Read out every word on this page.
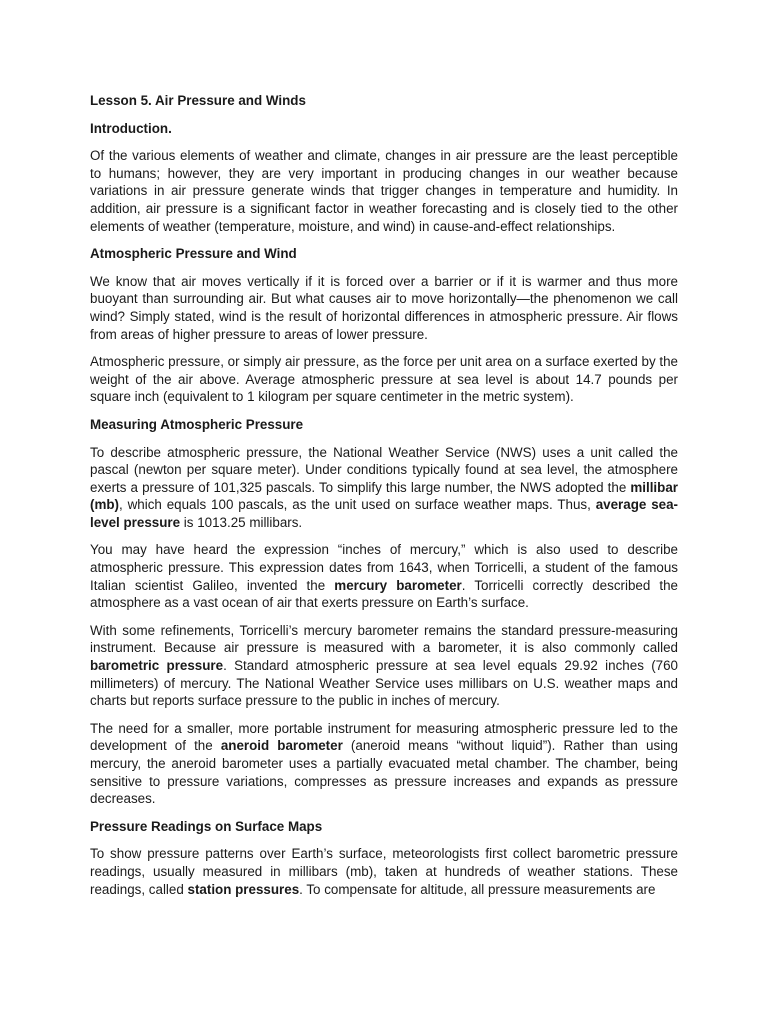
Lesson 5. Air Pressure and Winds
Introduction.

Of the various elements of weather and climate, changes in air pressure are the least perceptible to humans; however, they are very important in producing changes in our weather because variations in air pressure generate winds that trigger changes in temperature and humidity. In addition, air pressure is a significant factor in weather forecasting and is closely tied to the other elements of weather (temperature, moisture, and wind) in cause-and-effect relationships.

Atmospheric Pressure and Wind

We know that air moves vertically if it is forced over a barrier or if it is warmer and thus more buoyant than surrounding air. But what causes air to move horizontally—the phenomenon we call wind? Simply stated, wind is the result of horizontal differences in atmospheric pressure. Air flows from areas of higher pressure to areas of lower pressure.

Atmospheric pressure, or simply air pressure, as the force per unit area on a surface exerted by the weight of the air above. Average atmospheric pressure at sea level is about 14.7 pounds per square inch (equivalent to 1 kilogram per square centimeter in the metric system).

Measuring Atmospheric Pressure

To describe atmospheric pressure, the National Weather Service (NWS) uses a unit called the pascal (newton per square meter). Under conditions typically found at sea level, the atmosphere exerts a pressure of 101,325 pascals. To simplify this large number, the NWS adopted the millibar (mb), which equals 100 pascals, as the unit used on surface weather maps. Thus, average sea-level pressure is 1013.25 millibars.

You may have heard the expression “inches of mercury,” which is also used to describe atmospheric pressure. This expression dates from 1643, when Torricelli, a student of the famous Italian scientist Galileo, invented the mercury barometer. Torricelli correctly described the atmosphere as a vast ocean of air that exerts pressure on Earth’s surface.

With some refinements, Torricelli’s mercury barometer remains the standard pressure-measuring instrument. Because air pressure is measured with a barometer, it is also commonly called barometric pressure. Standard atmospheric pressure at sea level equals 29.92 inches (760 millimeters) of mercury. The National Weather Service uses millibars on U.S. weather maps and charts but reports surface pressure to the public in inches of mercury.

The need for a smaller, more portable instrument for measuring atmospheric pressure led to the development of the aneroid barometer (aneroid means “without liquid”). Rather than using mercury, the aneroid barometer uses a partially evacuated metal chamber. The chamber, being sensitive to pressure variations, compresses as pressure increases and expands as pressure decreases.

Pressure Readings on Surface Maps

To show pressure patterns over Earth’s surface, meteorologists first collect barometric pressure readings, usually measured in millibars (mb), taken at hundreds of weather stations. These readings, called station pressures. To compensate for altitude, all pressure measurements are
